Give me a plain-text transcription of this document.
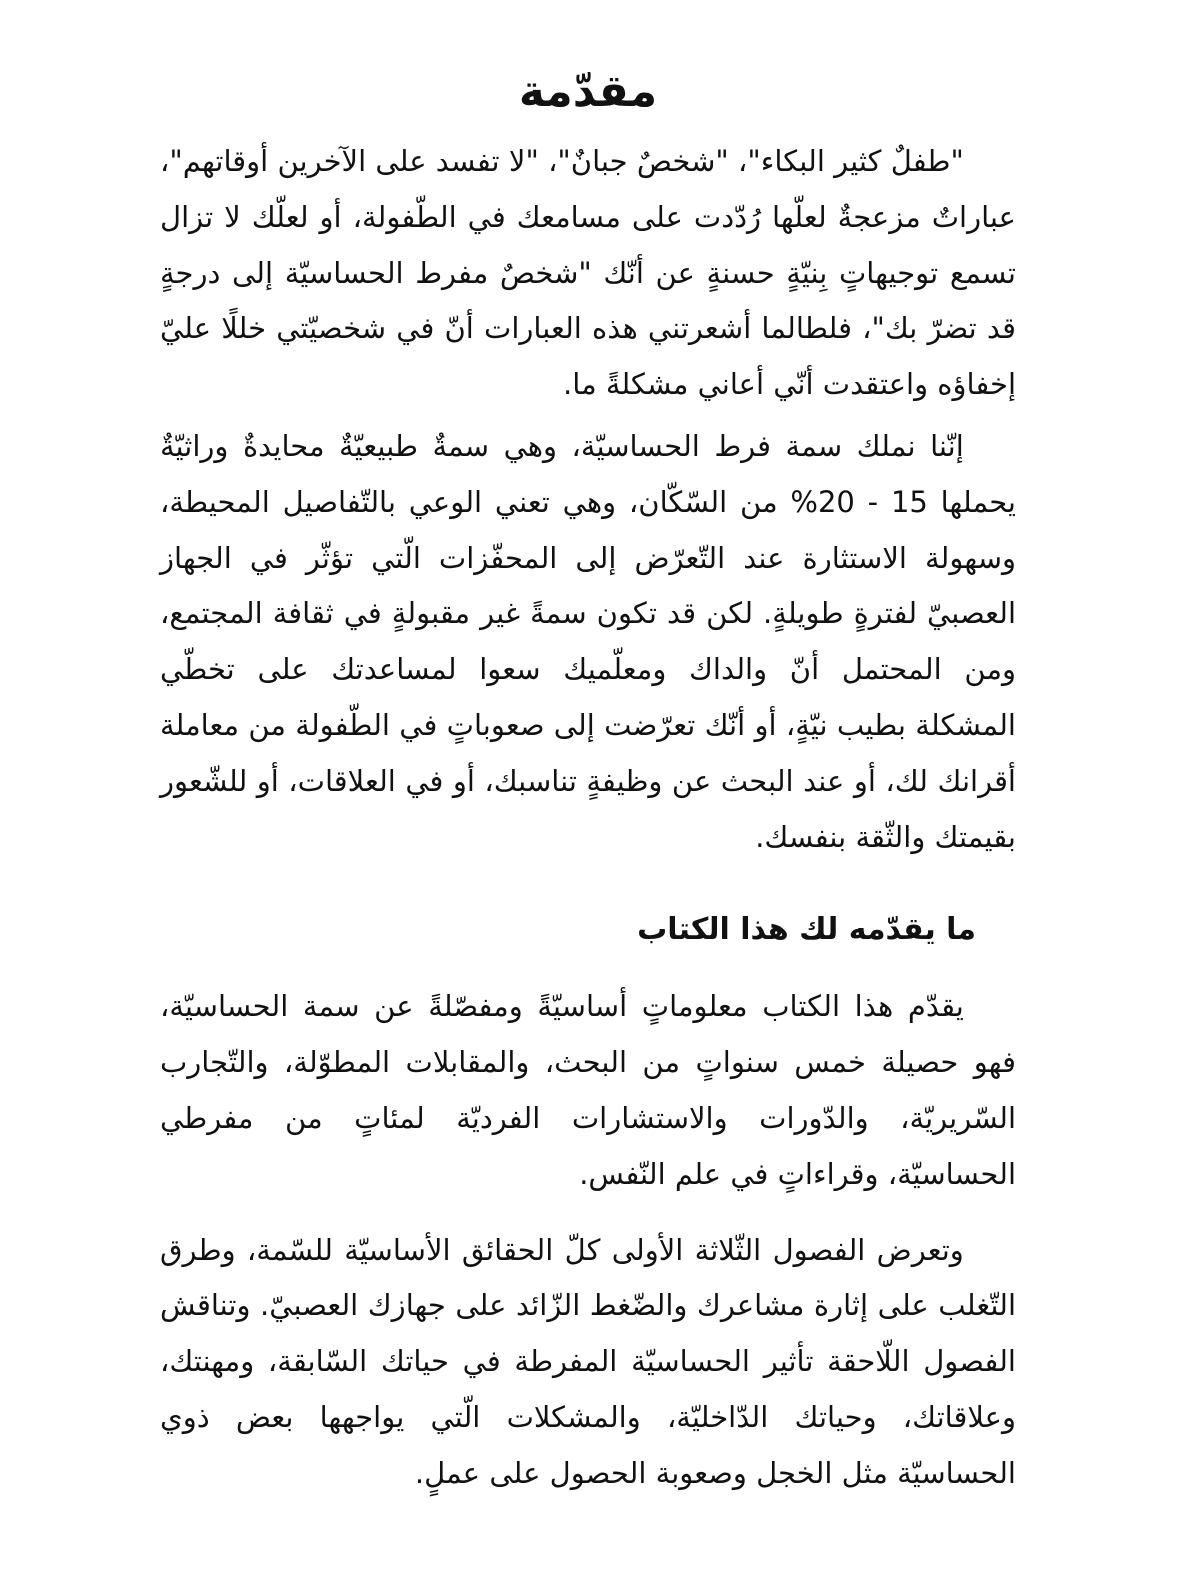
مقدّمة

"طفلٌ كثير البكاء"، "شخصٌ جبانٌ"، "لا تفسد على الآخرين أوقاتهم"، عباراتٌ مزعجةٌ لعلّها رُدّدت على مسامعك في الطّفولة، أو لعلّك لا تزال تسمع توجيهاتٍ بِنيّةٍ حسنةٍ عن أنّك "شخصٌ مفرط الحساسيّة إلى درجةٍ قد تضرّ بك"، فلطالما أشعرتني هذه العبارات أنّ في شخصيّتي خللًا عليّ إخفاؤه واعتقدت أنّي أعاني مشكلةً ما.

إنّنا نملك سمة فرط الحساسيّة، وهي سمةٌ طبيعيّةٌ محايدةٌ وراثيّةٌ يحملها 15 - 20% من السّكّان، وهي تعني الوعي بالتّفاصيل المحيطة، وسهولة الاستثارة عند التّعرّض إلى المحفّزات الّتي تؤثّر في الجهاز العصبيّ لفترةٍ طويلةٍ. لكن قد تكون سمةً غير مقبولةٍ في ثقافة المجتمع، ومن المحتمل أنّ والداك ومعلّميك سعوا لمساعدتك على تخطّي المشكلة بطيب نيّةٍ، أو أنّك تعرّضت إلى صعوباتٍ في الطّفولة من معاملة أقرانك لك، أو عند البحث عن وظيفةٍ تناسبك، أو في العلاقات، أو للشّعور بقيمتك والثّقة بنفسك.

ما يقدّمه لك هذا الكتاب

يقدّم هذا الكتاب معلوماتٍ أساسيّةً ومفصّلةً عن سمة الحساسيّة، فهو حصيلة خمس سنواتٍ من البحث، والمقابلات المطوّلة، والتّجارب السّريريّة، والدّورات والاستشارات الفرديّة لمئاتٍ من مفرطي الحساسيّة، وقراءاتٍ في علم النّفس.

وتعرض الفصول الثّلاثة الأولى كلّ الحقائق الأساسيّة للسّمة، وطرق التّغلب على إثارة مشاعرك والضّغط الزّائد على جهازك العصبيّ. وتناقش الفصول اللّاحقة تأثير الحساسيّة المفرطة في حياتك السّابقة، ومهنتك، وعلاقاتك، وحياتك الدّاخليّة، والمشكلات الّتي يواجهها بعض ذوي الحساسيّة مثل الخجل وصعوبة الحصول على عملٍ.
